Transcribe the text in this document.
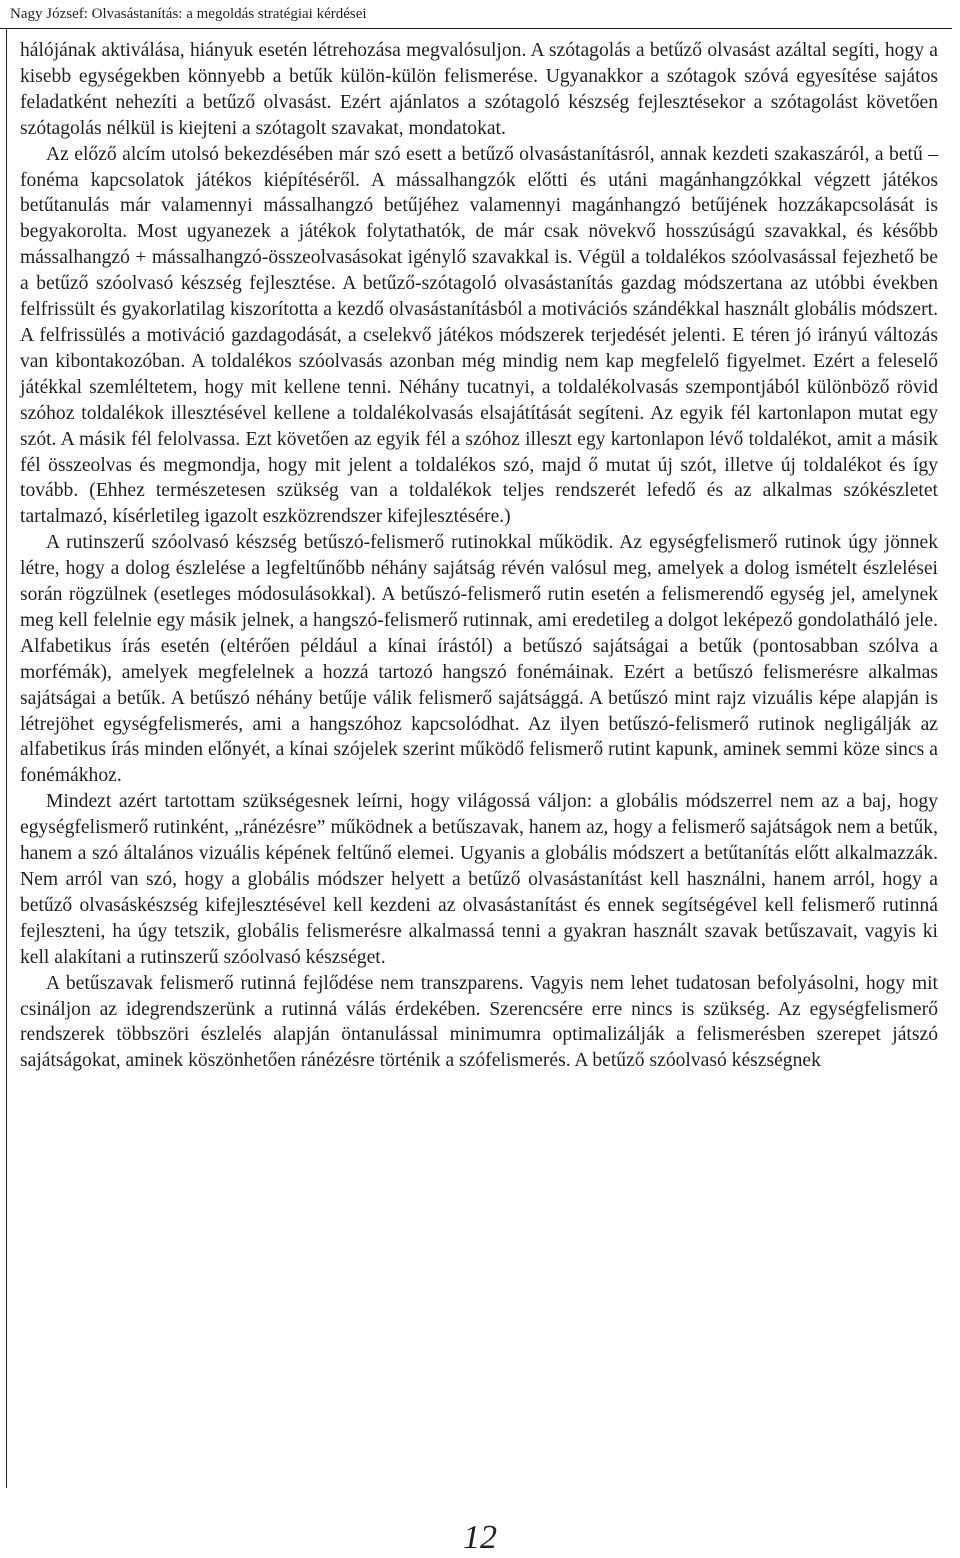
Nagy József: Olvasástanítás: a megoldás stratégiai kérdései

hálójának aktiválása, hiányuk esetén létrehozása megvalósuljon. A szótagolás a betűző olvasást azáltal segíti, hogy a kisebb egységekben könnyebb a betűk külön-külön felismerése. Ugyanakkor a szótagok szóvá egyesítése sajátos feladatként nehezíti a betűző olvasást. Ezért ajánlatos a szótagoló készség fejlesztésekor a szótagolást követően szótagolás nélkül is kiejteni a szótagolt szavakat, mondatokat.

Az előző alcím utolsó bekezdésében már szó esett a betűző olvasástanításról, annak kezdeti szakaszáról, a betű – fonéma kapcsolatok játékos kiépítéséről. A mássalhangzók előtti és utáni magánhangzókkal végzett játékos betűtanulás már valamennyi mássalhangzó betűjéhez valamennyi magánhangzó betűjének hozzákapcsolását is begyakorolta. Most ugyanezek a játékok folytathatók, de már csak növekvő hosszúságú szavakkal, és később mássalhangzó + mássalhangzó-összeolvasásokat igénylő szavakkal is. Végül a toldalékos szóolvasással fejezhető be a betűző szóolvasó készség fejlesztése. A betűző-szótagoló olvasástanítás gazdag módszertana az utóbbi években felfrissült és gyakorlatilag kiszorította a kezdő olvasástanításból a motivációs szándékkal használt globális módszert. A felfrissülés a motiváció gazdagodását, a cselekvő játékos módszerek terjedését jelenti. E téren jó irányú változás van kibontakozóban. A toldalékos szóolvasás azonban még mindig nem kap megfelelő figyelmet. Ezért a feleselő játékkal szemléltetem, hogy mit kellene tenni. Néhány tucatnyi, a toldalékolvasás szempontjából különböző rövid szóhoz toldalékok illesztésével kellene a toldalékolvasás elsajátítását segíteni. Az egyik fél kartonlapon mutat egy szót. A másik fél felolvassa. Ezt követően az egyik fél a szóhoz illeszt egy kartonlapon lévő toldalékot, amit a másik fél összeolvas és megmondja, hogy mit jelent a toldalékos szó, majd ő mutat új szót, illetve új toldalékot és így tovább. (Ehhez természetesen szükség van a toldalékok teljes rendszerét lefedő és az alkalmas szókészletet tartalmazó, kísérletileg igazolt eszközrendszer kifejlesztésére.)

A rutinszerű szóolvasó készség betűszó-felismerő rutinokkal működik. Az egységfelismerő rutinok úgy jönnek létre, hogy a dolog észlelése a legfeltűnőbb néhány sajátság révén valósul meg, amelyek a dolog ismételt észlelései során rögzülnek (esetleges módosulásokkal). A betűszó-felismerő rutin esetén a felismerendő egység jel, amelynek meg kell felelnie egy másik jelnek, a hangszó-felismerő rutinnak, ami eredetileg a dolgot leképező gondolatháló jele. Alfabetikus írás esetén (eltérően például a kínai írástól) a betűszó sajátságai a betűk (pontosabban szólva a morfémák), amelyek megfelelnek a hozzá tartozó hangszó fonémáinak. Ezért a betűszó felismerésre alkalmas sajátságai a betűk. A betűszó néhány betűje válik felismerő sajátsággá. A betűszó mint rajz vizuális képe alapján is létrejöhet egységfelismerés, ami a hangszóhoz kapcsolódhat. Az ilyen betűszó-felismerő rutinok negligálják az alfabetikus írás minden előnyét, a kínai szójelek szerint működő felismerő rutint kapunk, aminek semmi köze sincs a fonémákhoz.

Mindezt azért tartottam szükségesnek leírni, hogy világossá váljon: a globális módszerrel nem az a baj, hogy egységfelismerő rutinként, „ránézésre” működnek a betűszavak, hanem az, hogy a felismerő sajátságok nem a betűk, hanem a szó általános vizuális képének feltűnő elemei. Ugyanis a globális módszert a betűtanítás előtt alkalmazzák. Nem arról van szó, hogy a globális módszer helyett a betűző olvasástanítást kell használni, hanem arról, hogy a betűző olvasáskészség kifejlesztésével kell kezdeni az olvasástanítást és ennek segítségével kell felismerő rutinná fejleszteni, ha úgy tetszik, globális felismerésre alkalmassá tenni a gyakran használt szavak betűszavait, vagyis ki kell alakítani a rutinszerű szóolvasó készséget.

A betűszavak felismerő rutinná fejlődése nem transzparens. Vagyis nem lehet tudatosan befolyásolni, hogy mit csináljon az idegrendszerünk a rutinná válás érdekében. Szerencsére erre nincs is szükség. Az egységfelismerő rendszerek többszöri észlelés alapján öntanulással minimumra optimalizálják a felismerésben szerepet játszó sajátságokat, aminek köszönhetően ránézésre történik a szófelismerés. A betűző szóolvasó készségnek

12
